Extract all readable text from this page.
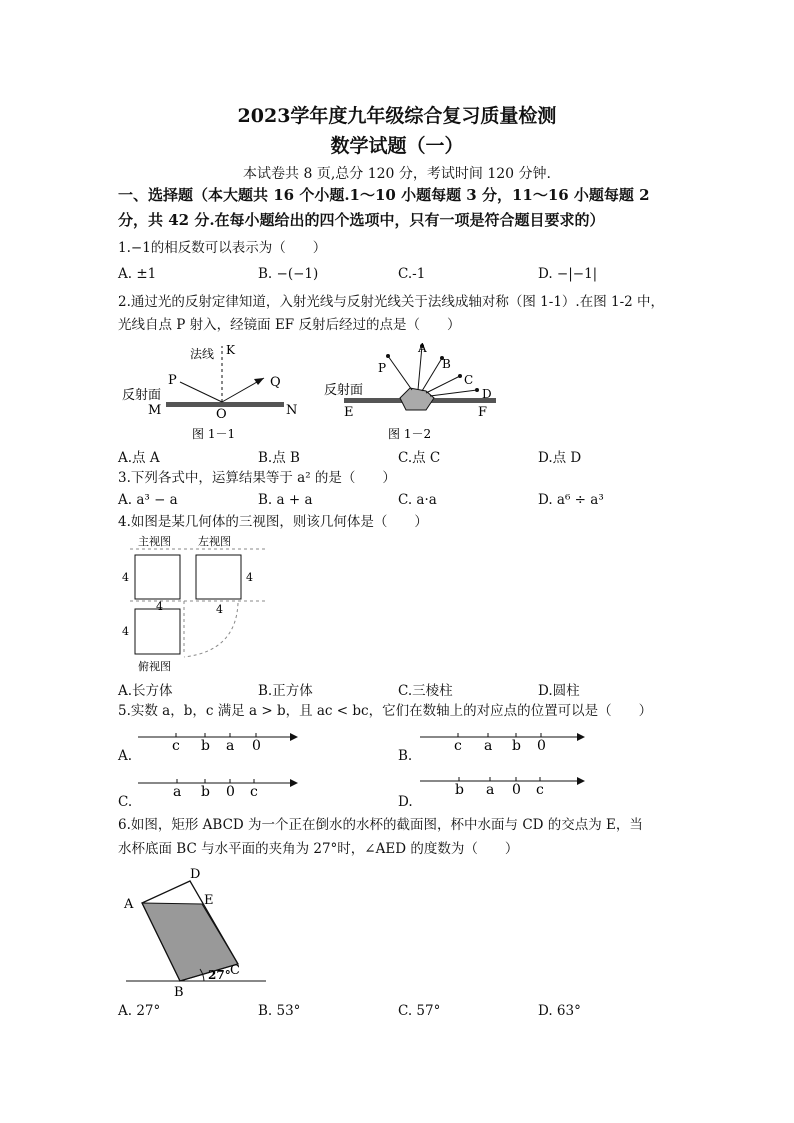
2023学年度九年级综合复习质量检测
数学试题（一）
本试卷共 8 页,总分 120 分，考试时间 120 分钟.
一、选择题（本大题共 16 个小题.1～10 小题每题 3 分，11～16 小题每题 2
分，共 42 分.在每小题给出的四个选项中，只有一项是符合题目要求的）
1.−1的相反数可以表示为（　　）
A. ±1	B. −(−1)	C.-1	D. −|−1|
2.通过光的反射定律知道，入射光线与反射光线关于法线成轴对称（图 1-1）.在图 1-2 中，
光线自点 P 射入，经镜面 EF 反射后经过的点是（　　）
反射面
法线 K
P	Q
M	O	N
图 1－1
P
A
B
C
D
反射面
E	F
图 1－2
A.点 A	B.点 B	C.点 C	D.点 D
3.下列各式中，运算结果等于 a² 的是（　　）
A. a³ − a	B. a + a	C. a·a	D. a⁶ ÷ a³
4.如图是某几何体的三视图，则该几何体是（　　）
主视图 左视图
俯视图
4	4
4	4
4
A.长方体	B.正方体	C.三棱柱	D.圆柱
5.实数 a，b，c 满足 a > b，且 ac < bc，它们在数轴上的对应点的位置可以是（　　）
A.
c b a 0
B.
c a b 0
C.
a b 0 c
D.
b a 0 c
6.如图，矩形 ABCD 为一个正在倒水的水杯的截面图，杯中水面与 CD 的交点为 E，当
水杯底面 BC 与水平面的夹角为 27°时，∠AED 的度数为（　　）
A
B
C
D
E
27°
A. 27°	B. 53°	C. 57°	D. 63°
